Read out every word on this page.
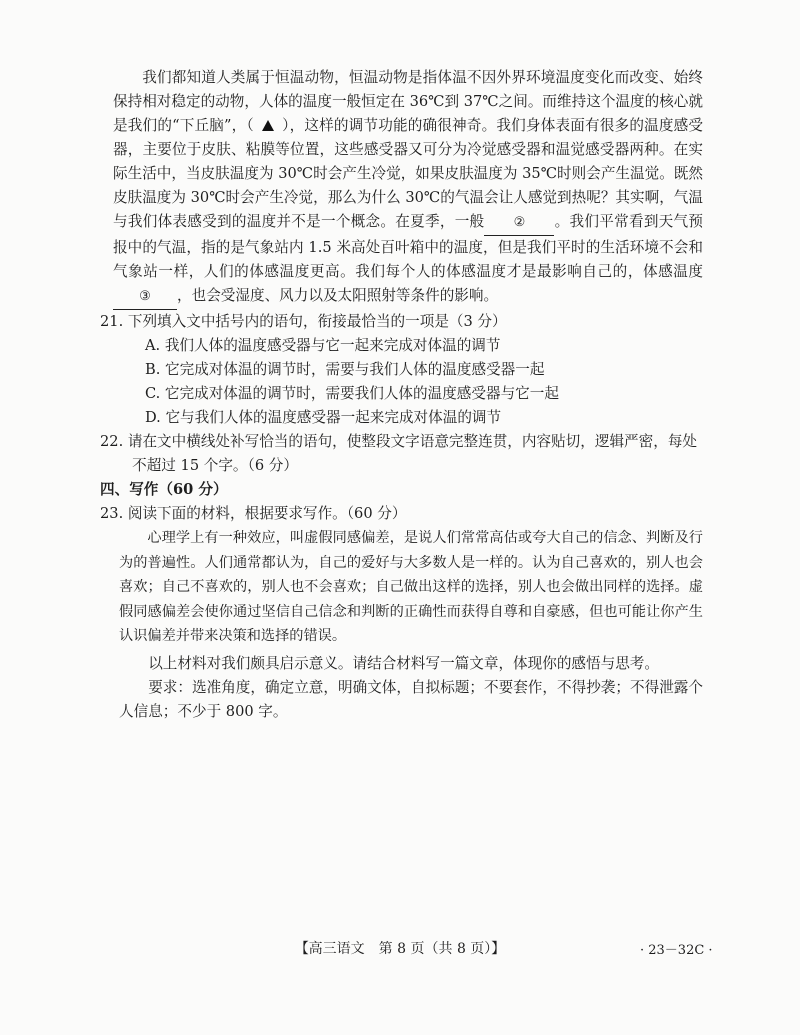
我们都知道人类属于恒温动物，恒温动物是指体温不因外界环境温度变化而改变、始终保持相对稳定的动物，人体的温度一般恒定在 36℃到 37℃之间。而维持这个温度的核心就是我们的“下丘脑”，（ ），这样的调节功能的确很神奇。我们身体表面有很多的温度感受器，主要位于皮肤、粘膜等位置，这些感受器又可分为冷觉感受器和温觉感受器两种。在实际生活中，当皮肤温度为 30℃时会产生冷觉，如果皮肤温度为 35℃时则会产生温觉。既然皮肤温度为 30℃时会产生冷觉，那么为什么 30℃的气温会让人感觉到热呢？其实啊，气温与我们体表感受到的温度并不是一个概念。在夏季，一般 ② 。我们平常看到天气预报中的气温，指的是气象站内 1.5 米高处百叶箱中的温度，但是我们平时的生活环境不会和气象站一样，人们的体感温度更高。我们每个人的体感温度才是最影响自己的，体感温度③ ，也会受湿度、风力以及太阳照射等条件的影响。

21. 下列填入文中括号内的语句，衔接最恰当的一项是（3 分）

A. 我们人体的温度感受器与它一起来完成对体温的调节

B. 它完成对体温的调节时，需要与我们人体的温度感受器一起

C. 它完成对体温的调节时，需要我们人体的温度感受器与它一起

D. 它与我们人体的温度感受器一起来完成对体温的调节

22. 请在文中横线处补写恰当的语句，使整段文字语意完整连贯，内容贴切，逻辑严密，每处不超过 15 个字。（6 分）

四、写作（60 分）

23. 阅读下面的材料，根据要求写作。（60 分）

心理学上有一种效应，叫虚假同感偏差，是说人们常常高估或夸大自己的信念、判断及行为的普遍性。人们通常都认为，自己的爱好与大多数人是一样的。认为自己喜欢的，别人也会喜欢；自己不喜欢的，别人也不会喜欢；自己做出这样的选择，别人也会做出同样的选择。虚假同感偏差会使你通过坚信自己信念和判断的正确性而获得自尊和自豪感，但也可能让你产生认识偏差并带来决策和选择的错误。

以上材料对我们颇具启示意义。请结合材料写一篇文章，体现你的感悟与思考。

要求：选准角度，确定立意，明确文体，自拟标题；不要套作，不得抄袭；不得泄露个人信息；不少于 800 字。

【高三语文　第 8 页（共 8 页）】	· 23－32C ·
